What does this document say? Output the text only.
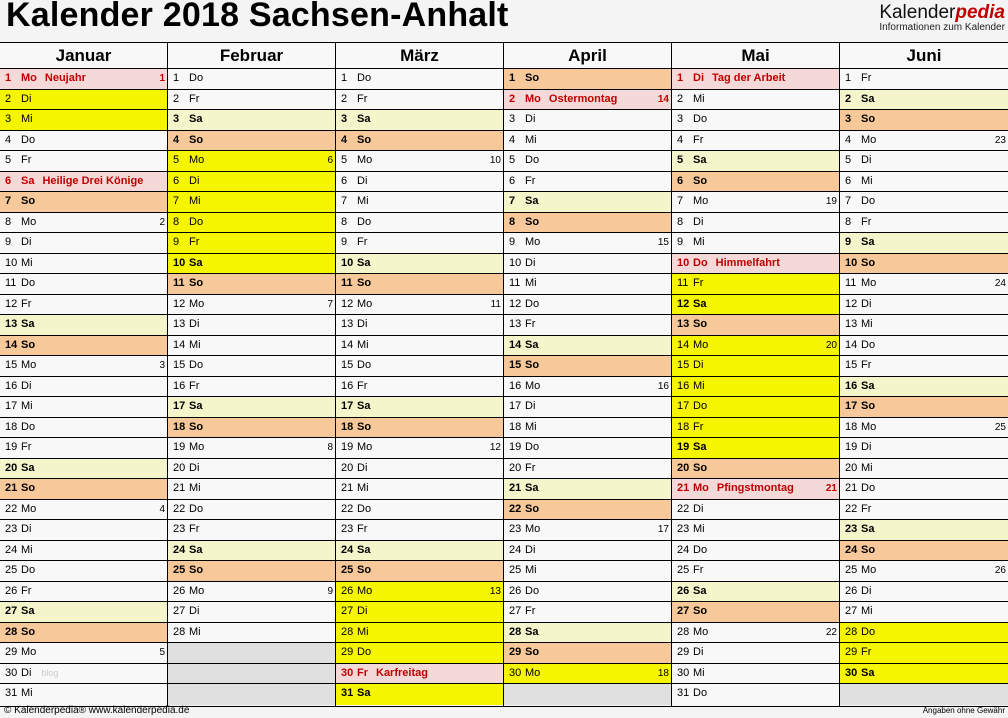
Kalender 2018 Sachsen-Anhalt	Kalenderpedia
Informationen zum Kalender
Januar
1 Mo Neujahr	1
2 Di
3 Mi
4 Do
5 Fr
6 Sa Heilige Drei Könige
7 So
8 Mo	2
9 Di
10 Mi
11 Do
12 Fr
13 Sa
14 So
15 Mo	3
16 Di
17 Mi
18 Do
19 Fr
20 Sa
21 So
22 Mo	4
23 Di
24 Mi
25 Do
26 Fr
27 Sa
28 So
29 Mo	5
30 Di blog
31 Mi
Februar
1 Do
2 Fr
3 Sa
4 So
5 Mo	6
6 Di
7 Mi
8 Do
9 Fr
10 Sa
11 So
12 Mo	7
13 Di
14 Mi
15 Do
16 Fr
17 Sa
18 So
19 Mo	8
20 Di
21 Mi
22 Do
23 Fr
24 Sa
25 So
26 Mo	9
27 Di
28 Mi
März
1 Do
2 Fr
3 Sa
4 So
5 Mo	10
6 Di
7 Mi
8 Do
9 Fr
10 Sa
11 So
12 Mo	11
13 Di
14 Mi
15 Do
16 Fr
17 Sa
18 So
19 Mo	12
20 Di
21 Mi
22 Do
23 Fr
24 Sa
25 So
26 Mo	13
27 Di
28 Mi
29 Do
30 Fr Karfreitag
31 Sa
April
1 So
2 Mo Ostermontag	14
3 Di
4 Mi
5 Do
6 Fr
7 Sa
8 So
9 Mo	15
10 Di
11 Mi
12 Do
13 Fr
14 Sa
15 So
16 Mo	16
17 Di
18 Mi
19 Do
20 Fr
21 Sa
22 So
23 Mo	17
24 Di
25 Mi
26 Do
27 Fr
28 Sa
29 So
30 Mo	18
Mai
1 Di Tag der Arbeit
2 Mi
3 Do
4 Fr
5 Sa
6 So
7 Mo	19
8 Di
9 Mi
10 Do Himmelfahrt
11 Fr
12 Sa
13 So
14 Mo	20
15 Di
16 Mi
17 Do
18 Fr
19 Sa
20 So
21 Mo Pfingstmontag	21
22 Di
23 Mi
24 Do
25 Fr
26 Sa
27 So
28 Mo	22
29 Di
30 Mi
31 Do
Juni
1 Fr
2 Sa
3 So
4 Mo	23
5 Di
6 Mi
7 Do
8 Fr
9 Sa
10 So
11 Mo	24
12 Di
13 Mi
14 Do
15 Fr
16 Sa
17 So
18 Mo	25
19 Di
20 Mi
21 Do
22 Fr
23 Sa
24 So
25 Mo	26
26 Di
27 Mi
28 Do
29 Fr
30 Sa
© Kalenderpedia® www.kalenderpedia.de	Angaben ohne Gewähr
